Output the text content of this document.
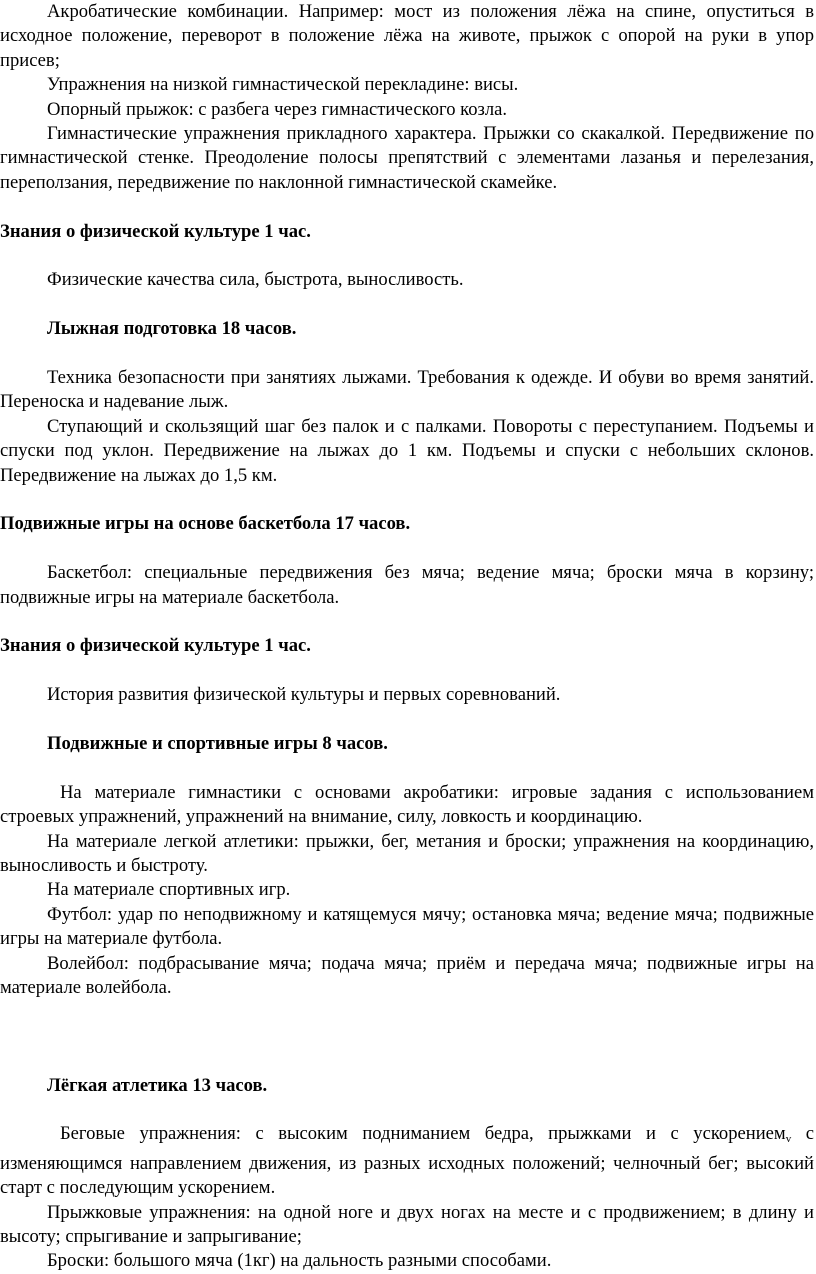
Акробатические комбинации. Например: мост из положения лёжа на спине, опуститься в исходное положение, переворот в положение лёжа на животе, прыжок с опорой на руки в упор присев;

Упражнения на низкой гимнастической перекладине: висы.

Опорный прыжок: с разбега через гимнастического козла.

Гимнастические упражнения прикладного характера. Прыжки со скакалкой. Передвижение по гимнастической стенке. Преодоление полосы препятствий с элементами лазанья и перелезания, переползания, передвижение по наклонной гимнастической скамейке.

Знания о физической культуре 1 час.

Физические качества сила, быстрота, выносливость.

Лыжная подготовка 18 часов.

Техника безопасности при занятиях лыжами. Требования к одежде. И обуви во время занятий. Переноска и надевание лыж.

Ступающий и скользящий шаг без палок и с палками. Повороты с переступанием. Подъемы и спуски под уклон. Передвижение на лыжах до 1 км. Подъемы и спуски с небольших склонов. Передвижение на лыжах до 1,5 км.

Подвижные игры на основе баскетбола 17 часов.

Баскетбол: специальные передвижения без мяча; ведение мяча; броски мяча в корзину; подвижные игры на материале баскетбола.

Знания о физической культуре 1 час.

История развития физической культуры и первых соревнований.

Подвижные и спортивные игры 8 часов.

На материале гимнастики с основами акробатики: игровые задания с использованием строевых упражнений, упражнений на внимание, силу, ловкость и координацию.

На материале легкой атлетики: прыжки, бег, метания и броски; упражнения на координацию, выносливость и быстроту.

На материале спортивных игр.

Футбол: удар по неподвижному и катящемуся мячу; остановка мяча; ведение мяча; подвижные игры на материале футбола.

Волейбол: подбрасывание мяча; подача мяча; приём и передача мяча; подвижные игры на материале волейбола.

Лёгкая атлетика 13 часов.

Беговые упражнения: с высоким подниманием бедра, прыжками и с ускорением$_v$ с изменяющимся направлением движения, из разных исходных положений; челночный бег; высокий старт с последующим ускорением.

Прыжковые упражнения: на одной ноге и двух ногах на месте и с продвижением; в длину и высоту; спрыгивание и запрыгивание;

Броски: большого мяча (1кг) на дальность разными способами.
